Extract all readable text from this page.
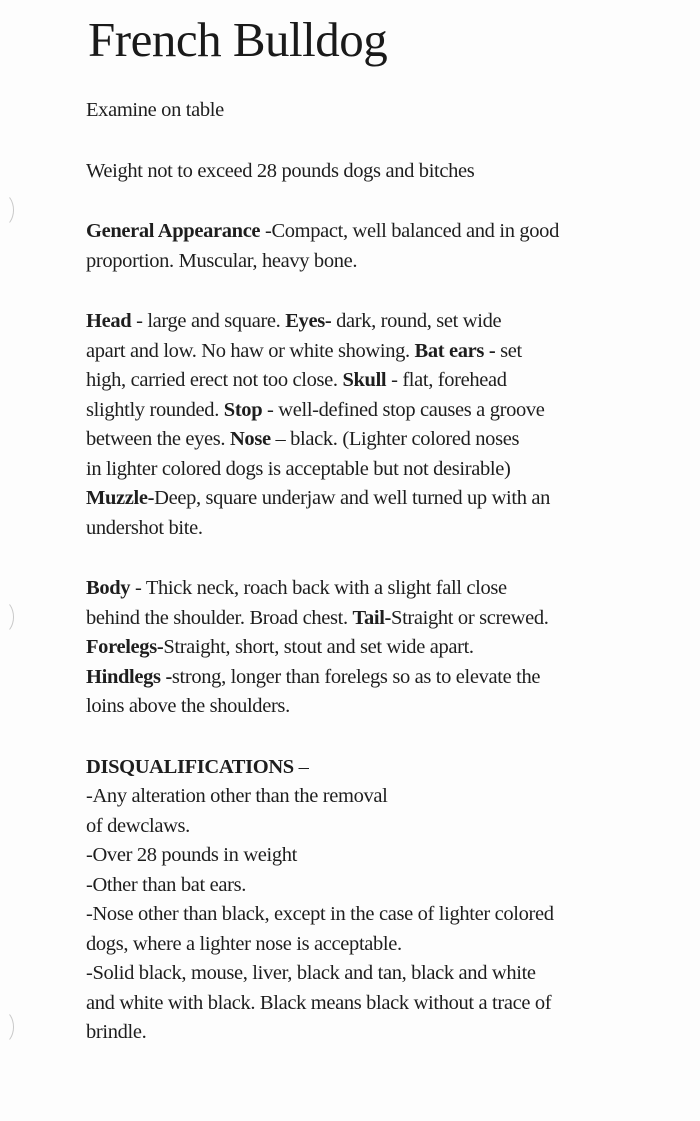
French Bulldog

Examine on table

Weight not to exceed 28 pounds dogs and bitches

General Appearance -Compact, well balanced and in good
proportion. Muscular, heavy bone.

Head - large and square. Eyes- dark, round, set wide
apart and low. No haw or white showing. Bat ears - set
high, carried erect not too close. Skull - flat, forehead
slightly rounded. Stop - well-defined stop causes a groove
between the eyes. Nose – black. (Lighter colored noses
in lighter colored dogs is acceptable but not desirable)
Muzzle-Deep, square underjaw and well turned up with an
undershot bite.

Body - Thick neck, roach back with a slight fall close
behind the shoulder. Broad chest. Tail-Straight or screwed.
Forelegs-Straight, short, stout and set wide apart.
Hindlegs -strong, longer than forelegs so as to elevate the
loins above the shoulders.

DISQUALIFICATIONS –
-Any alteration other than the removal
of dewclaws.
-Over 28 pounds in weight
-Other than bat ears.
-Nose other than black, except in the case of lighter colored
dogs, where a lighter nose is acceptable.
-Solid black, mouse, liver, black and tan, black and white
and white with black. Black means black without a trace of
brindle.
